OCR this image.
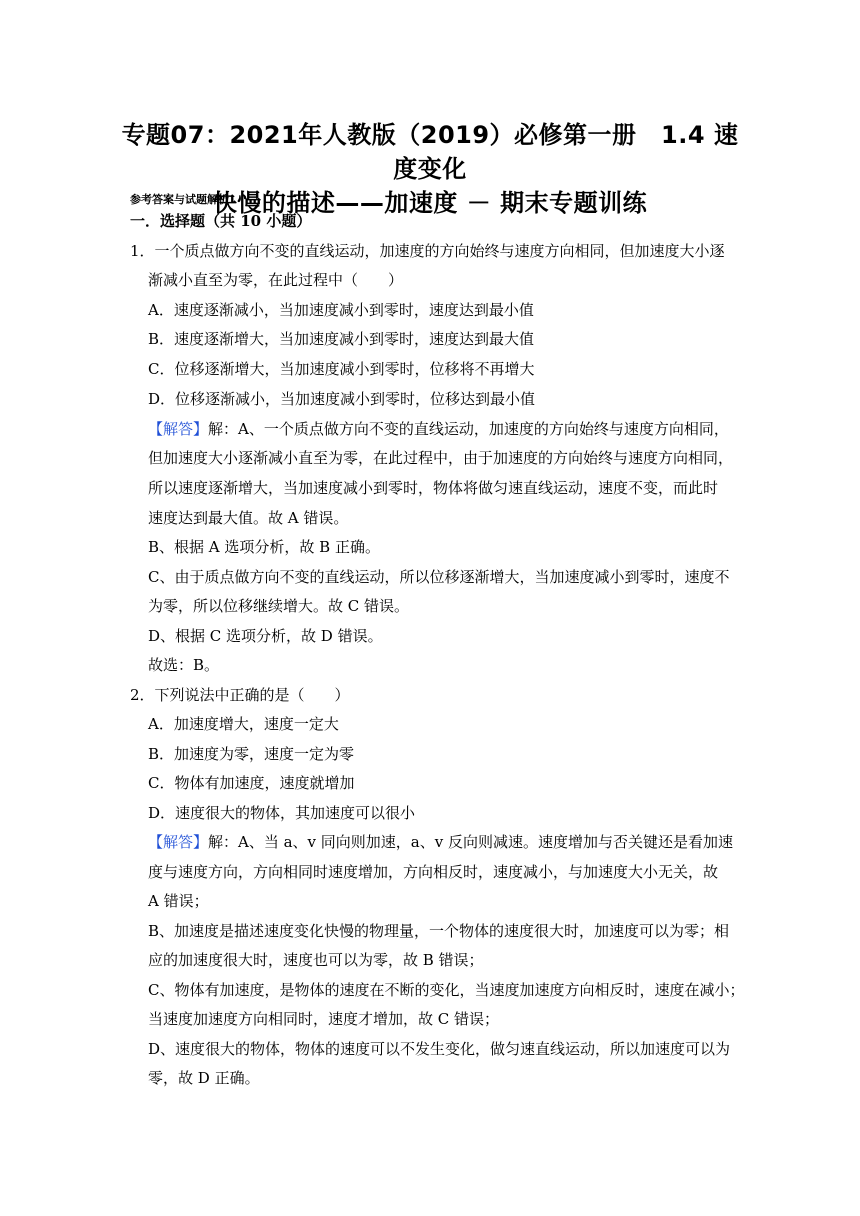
专题07：2021年人教版（2019）必修第一册　1.4 速度变化
快慢的描述——加速度 － 期末专题训练
参考答案与试题解析
一．选择题（共 10 小题）
1．一个质点做方向不变的直线运动，加速度的方向始终与速度方向相同，但加速度大小逐
渐减小直至为零，在此过程中（　　）
A．速度逐渐减小，当加速度减小到零时，速度达到最小值
B．速度逐渐增大，当加速度减小到零时，速度达到最大值
C．位移逐渐增大，当加速度减小到零时，位移将不再增大
D．位移逐渐减小，当加速度减小到零时，位移达到最小值
【解答】解：A、一个质点做方向不变的直线运动，加速度的方向始终与速度方向相同，
但加速度大小逐渐减小直至为零，在此过程中，由于加速度的方向始终与速度方向相同，
所以速度逐渐增大，当加速度减小到零时，物体将做匀速直线运动，速度不变，而此时
速度达到最大值。故 A 错误。
B、根据 A 选项分析，故 B 正确。
C、由于质点做方向不变的直线运动，所以位移逐渐增大，当加速度减小到零时，速度不
为零，所以位移继续增大。故 C 错误。
D、根据 C 选项分析，故 D 错误。
故选：B。
2．下列说法中正确的是（　　）
A．加速度增大，速度一定大
B．加速度为零，速度一定为零
C．物体有加速度，速度就增加
D．速度很大的物体，其加速度可以很小
【解答】解：A、当 a、v 同向则加速，a、v 反向则减速。速度增加与否关键还是看加速
度与速度方向，方向相同时速度增加，方向相反时，速度减小，与加速度大小无关，故
A 错误；
B、加速度是描述速度变化快慢的物理量，一个物体的速度很大时，加速度可以为零；相
应的加速度很大时，速度也可以为零，故 B 错误；
C、物体有加速度，是物体的速度在不断的变化，当速度加速度方向相反时，速度在减小；
当速度加速度方向相同时，速度才增加，故 C 错误；
D、速度很大的物体，物体的速度可以不发生变化，做匀速直线运动，所以加速度可以为
零，故 D 正确。
